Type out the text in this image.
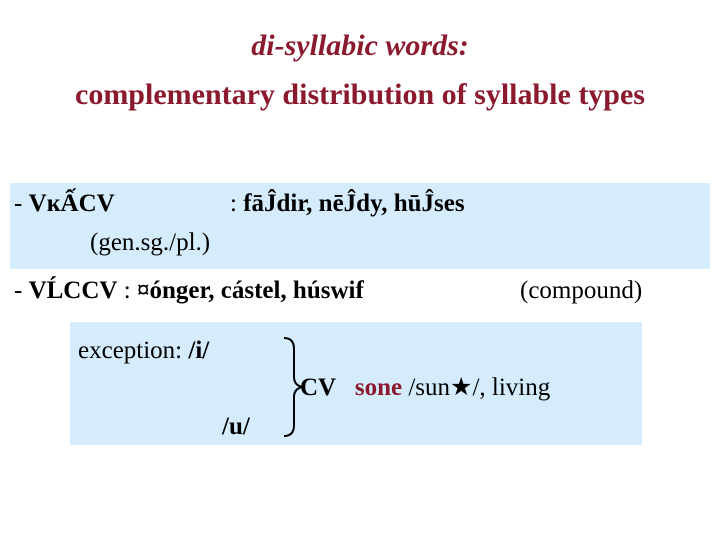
di-syllabic words:
complementary distribution of syllable types
- VĸẤCV	: fāĴdir, nēĴdy, hūĴses
(gen.sg./pl.)
- VĹCCV : ¤ónger, cástel, húswif	(compound)
exception: /i/
/u/
CV sone /sun★/, living
